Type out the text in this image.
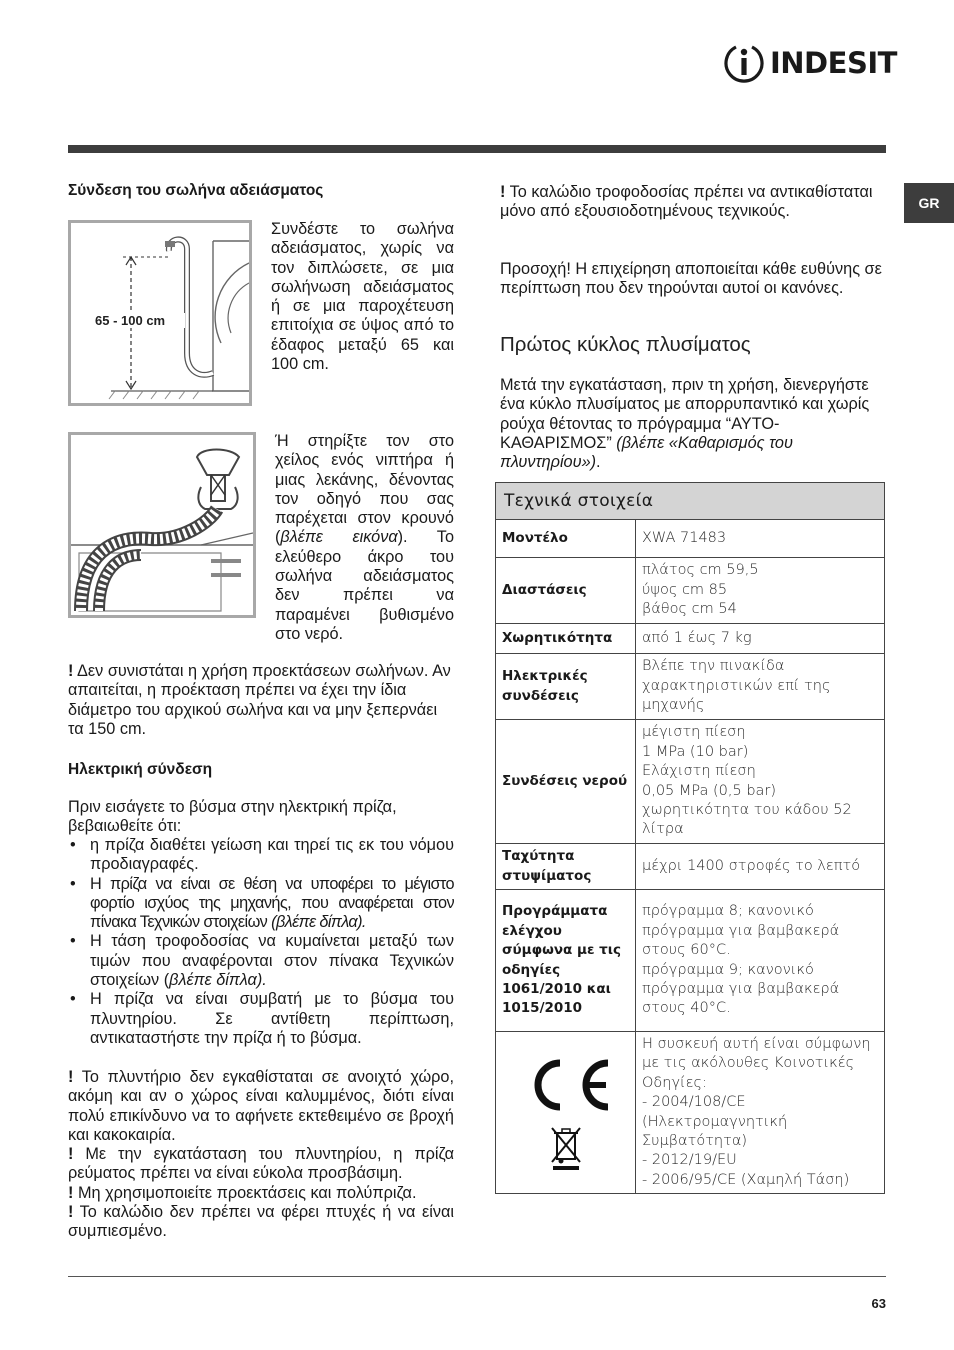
INDESIT
GR
Σύνδεση του σωλήνα αδειάσματος
65 - 100 cm
Συνδέστε το σωλήνα αδειάσματος, χωρίς να τον διπλώσετε, σε μια σωλήνωση αδειάσματος ή σε μια παροχέτευση επιτοίχια σε ύψος από το έδαφος μεταξύ 65 και 100 cm.
Ή στηρίξτε τον στο χείλος ενός νιπτήρα ή μιας λεκάνης, δένοντας τον οδηγό που σας παρέχεται στον κρουνό (βλέπε εικόνα). Το ελεύθερο άκρο του σωλήνα αδειάσματος δεν πρέπει να παραμένει βυθισμένο στο νερό.
! Δεν συνιστάται η χρήση προεκτάσεων σωλήνων. Αν απαιτείται, η προέκταση πρέπει να έχει την ίδια διάμετρο του αρχικού σωλήνα και να μην ξεπερνάει τα 150 cm.
Ηλεκτρική σύνδεση
Πριν εισάγετε το βύσμα στην ηλεκτρική πρίζα, βεβαιωθείτε ότι:
• η πρίζα διαθέτει γείωση και τηρεί τις εκ του νόμου προδιαγραφές.
• Η πρίζα να είναι σε θέση να υποφέρει το μέγιστο φορτίο ισχύος της μηχανής, που αναφέρεται στον πίνακα Τεχνικών στοιχείων (βλέπε δίπλα).
• Η τάση τροφοδοσίας να κυμαίνεται μεταξύ των τιμών που αναφέρονται στον πίνακα Τεχνικών στοιχείων (βλέπε δίπλα).
• Η πρίζα να είναι συμβατή με το βύσμα του πλυντηρίου. Σε αντίθετη περίπτωση, αντικαταστήστε την πρίζα ή το βύσμα.
! Το πλυντήριο δεν εγκαθίσταται σε ανοιχτό χώρο, ακόμη και αν ο χώρος είναι καλυμμένος, διότι είναι πολύ επικίνδυνο να το αφήνετε εκτεθειμένο σε βροχή και κακοκαιρία.
! Με την εγκατάσταση του πλυντηρίου, η πρίζα ρεύματος πρέπει να είναι εύκολα προσβάσιμη.
! Μη χρησιμοποιείτε προεκτάσεις και πολύπριζα.
! Το καλώδιο δεν πρέπει να φέρει πτυχές ή να είναι συμπιεσμένο.
! Το καλώδιο τροφοδοσίας πρέπει να αντικαθίσταται μόνο από εξουσιοδοτημένους τεχνικούς.
Προσοχή! Η επιχείρηση αποποιείται κάθε ευθύνης σε περίπτωση που δεν τηρούνται αυτοί οι κανόνες.
Πρώτος κύκλος πλυσίματος
Μετά την εγκατάσταση, πριν τη χρήση, διενεργήστε ένα κύκλο πλυσίματος με απορρυπαντικό και χωρίς ρούχα θέτοντας το πρόγραμμα “ΑΥΤΟ-ΚΑΘΑΡΙΣΜΟΣ” (βλέπε «Καθαρισμός του πλυντηρίου»).
Τεχνικά στοιχεία	
Μοντέλο	XWA 71483
Διαστάσεις	πλάτος cm 59,5
ύψος cm 85
βάθος cm 54
Χωρητικότητα	από 1 έως 7 kg
Ηλεκτρικές συνδέσεις	Βλέπε την πινακίδα χαρακτηριστικών επί της μηχανής
Συνδέσεις νερού	μέγιστη πίεση
1 MPa (10 bar)
Ελάχιστη πίεση
0,05 MPa (0,5 bar)
χωρητικότητα του κάδου 52 λίτρα
Ταχύτητα στυψίματος	μέχρι 1400 στροφές το λεπτό
Προγράμματα ελέγχου σύμφωνα με τις οδηγίες 1061/2010 και 1015/2010	πρόγραμμα 8; κανονικό πρόγραμμα για βαμβακερά στους 60°C.
πρόγραμμα 9; κανονικό πρόγραμμα για βαμβακερά στους 40°C.

	Η συσκευή αυτή είναι σύμφωνη με τις ακόλουθες Κοινοτικές Οδηγίες:
- 2004/108/CE (Ηλεκτρομαγνητική Συμβατότητα)
- 2012/19/EU
- 2006/95/CE (Χαμηλή Τάση)
63
